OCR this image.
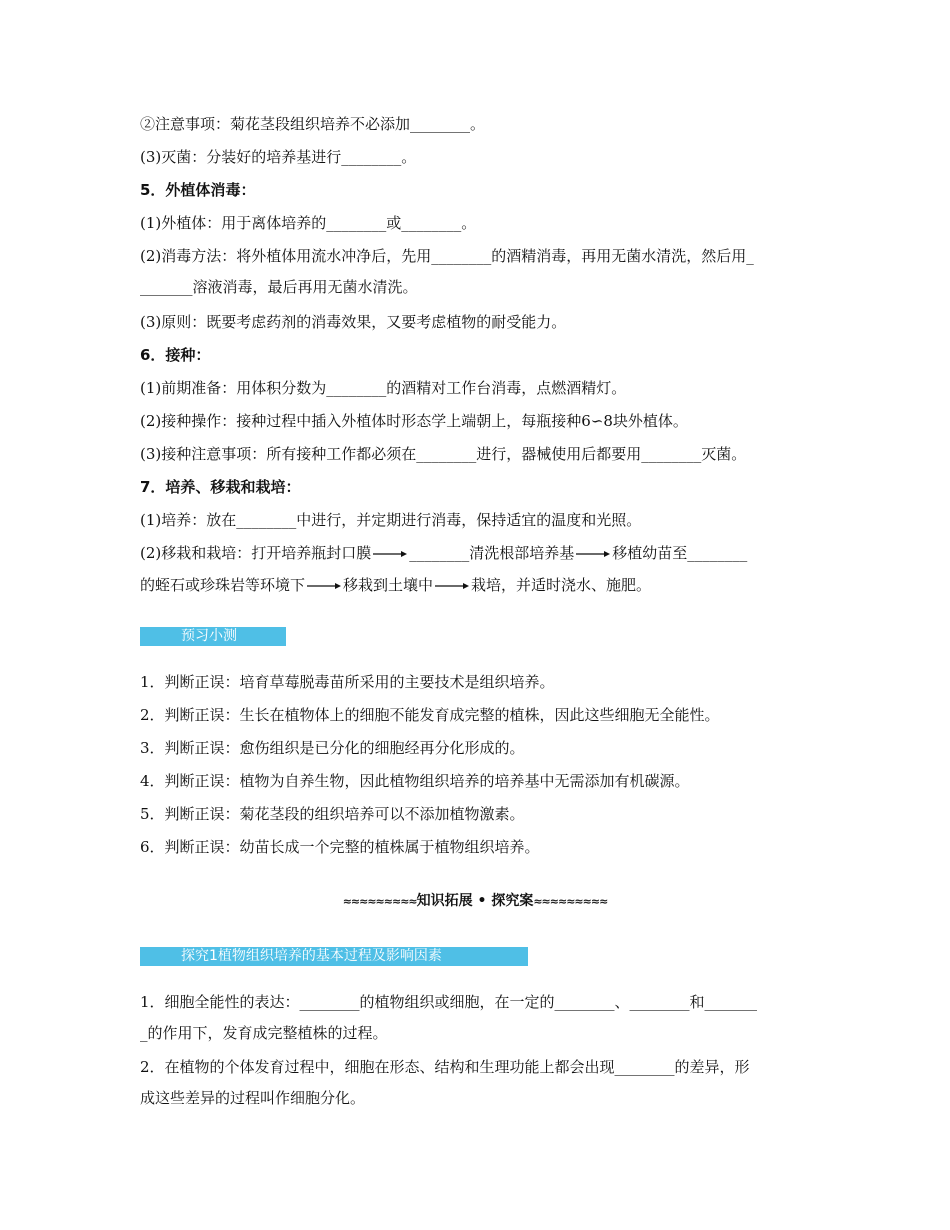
②注意事项：菊花茎段组织培养不必添加________。
(3)灭菌：分装好的培养基进行________。
5．外植体消毒：
(1)外植体：用于离体培养的________或________。
(2)消毒方法：将外植体用流水冲净后，先用________的酒精消毒，再用无菌水清洗，然后用_
_______溶液消毒，最后再用无菌水清洗。
(3)原则：既要考虑药剂的消毒效果，又要考虑植物的耐受能力。
6．接种：
(1)前期准备：用体积分数为________的酒精对工作台消毒，点燃酒精灯。
(2)接种操作：接种过程中插入外植体时形态学上端朝上，每瓶接种6∽8块外植体。
(3)接种注意事项：所有接种工作都必须在________进行，器械使用后都要用________灭菌。
7．培养、移栽和栽培：
(1)培养：放在________中进行，并定期进行消毒，保持适宜的温度和光照。
(2)移栽和栽培：打开培养瓶封口膜	________清洗根部培养基	移植幼苗至________
的蛭石或珍珠岩等环境下	移栽到土壤中	栽培，并适时浇水、施肥。
预习小测
1．判断正误：培育草莓脱毒苗所采用的主要技术是组织培养。
2．判断正误：生长在植物体上的细胞不能发育成完整的植株，因此这些细胞无全能性。
3．判断正误：愈伤组织是已分化的细胞经再分化形成的。
4．判断正误：植物为自养生物，因此植物组织培养的培养基中无需添加有机碳源。
5．判断正误：菊花茎段的组织培养可以不添加植物激素。
6．判断正误：幼苗长成一个完整的植株属于植物组织培养。
≈≈≈≈≈≈≈≈≈知识拓展 • 探究案≈≈≈≈≈≈≈≈≈
探究1植物组织培养的基本过程及影响因素
1．细胞全能性的表达：________的植物组织或细胞，在一定的________、________和_______
_的作用下，发育成完整植株的过程。
2．在植物的个体发育过程中，细胞在形态、结构和生理功能上都会出现________的差异，形
成这些差异的过程叫作细胞分化。
